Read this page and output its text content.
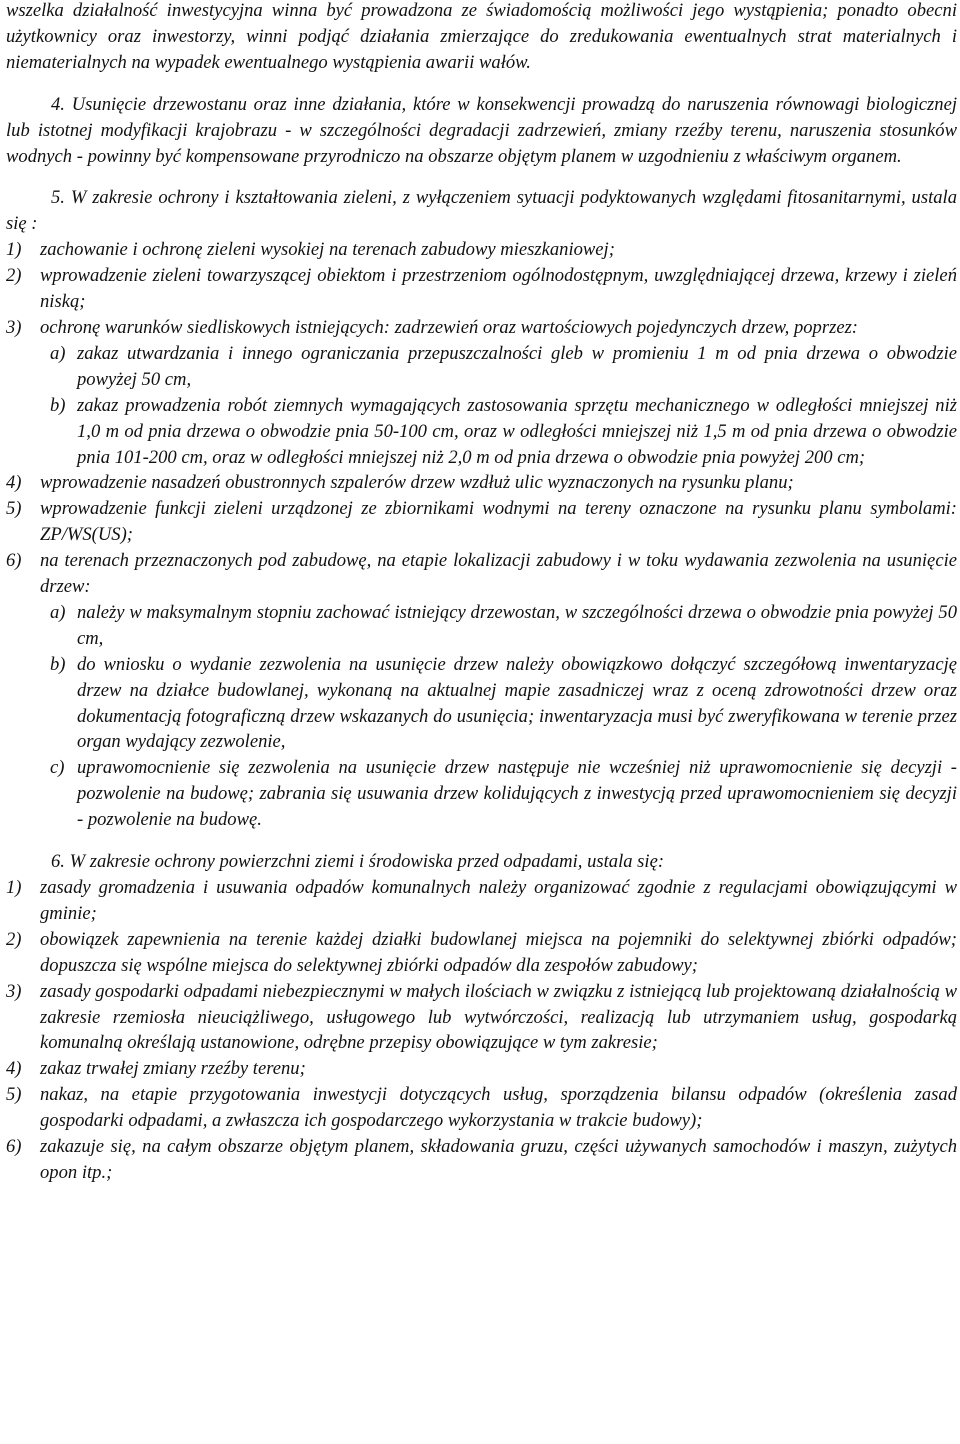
wszelka działalność inwestycyjna winna być prowadzona ze świadomością możliwości jego wystąpienia; ponadto obecni użytkownicy oraz inwestorzy, winni podjąć działania zmierzające do zredukowania ewentualnych strat materialnych i niematerialnych na wypadek ewentualnego wystąpienia awarii wałów.

4. Usunięcie drzewostanu oraz inne działania, które w konsekwencji prowadzą do naruszenia równowagi biologicznej lub istotnej modyfikacji krajobrazu - w szczególności degradacji zadrzewień, zmiany rzeźby terenu, naruszenia stosunków wodnych - powinny być kompensowane przyrodniczo na obszarze objętym planem w uzgodnieniu z właściwym organem.

5. W zakresie ochrony i kształtowania zieleni, z wyłączeniem sytuacji podyktowanych względami fitosanitarnymi, ustala się :

1) zachowanie i ochronę zieleni wysokiej na terenach zabudowy mieszkaniowej;
2) wprowadzenie zieleni towarzyszącej obiektom i przestrzeniom ogólnodostępnym, uwzględniającej drzewa, krzewy i zieleń niską;
3) ochronę warunków siedliskowych istniejących: zadrzewień oraz wartościowych pojedynczych drzew, poprzez:
a) zakaz utwardzania i innego ograniczania przepuszczalności gleb w promieniu 1 m od pnia drzewa o obwodzie powyżej 50 cm,
b) zakaz prowadzenia robót ziemnych wymagających zastosowania sprzętu mechanicznego w odległości mniejszej niż 1,0 m od pnia drzewa o obwodzie pnia 50-100 cm, oraz w odległości mniejszej niż 1,5 m od pnia drzewa o obwodzie pnia 101-200 cm, oraz w odległości mniejszej niż 2,0 m od pnia drzewa o obwodzie pnia powyżej 200 cm;
4) wprowadzenie nasadzeń obustronnych szpalerów drzew wzdłuż ulic wyznaczonych na rysunku planu;
5) wprowadzenie funkcji zieleni urządzonej ze zbiornikami wodnymi na tereny oznaczone na rysunku planu symbolami: ZP/WS(US);
6) na terenach przeznaczonych pod zabudowę, na etapie lokalizacji zabudowy i w toku wydawania zezwolenia na usunięcie drzew:
a) należy w maksymalnym stopniu zachować istniejący drzewostan, w szczególności drzewa o obwodzie pnia powyżej 50 cm,
b) do wniosku o wydanie zezwolenia na usunięcie drzew należy obowiązkowo dołączyć szczegółową inwentaryzację drzew na działce budowlanej, wykonaną na aktualnej mapie zasadniczej wraz z oceną zdrowotności drzew oraz dokumentacją fotograficzną drzew wskazanych do usunięcia; inwentaryzacja musi być zweryfikowana w terenie przez organ wydający zezwolenie,
c) uprawomocnienie się zezwolenia na usunięcie drzew następuje nie wcześniej niż uprawomocnienie się decyzji - pozwolenie na budowę; zabrania się usuwania drzew kolidujących z inwestycją przed uprawomocnieniem się decyzji - pozwolenie na budowę.

6. W zakresie ochrony powierzchni ziemi i środowiska przed odpadami, ustala się:

1) zasady gromadzenia i usuwania odpadów komunalnych należy organizować zgodnie z regulacjami obowiązującymi w gminie;
2) obowiązek zapewnienia na terenie każdej działki budowlanej miejsca na pojemniki do selektywnej zbiórki odpadów; dopuszcza się wspólne miejsca do selektywnej zbiórki odpadów dla zespołów zabudowy;
3) zasady gospodarki odpadami niebezpiecznymi w małych ilościach w związku z istniejącą lub projektowaną działalnością w zakresie rzemiosła nieuciążliwego, usługowego lub wytwórczości, realizacją lub utrzymaniem usług, gospodarką komunalną określają ustanowione, odrębne przepisy obowiązujące w tym zakresie;
4) zakaz trwałej zmiany rzeźby terenu;
5) nakaz, na etapie przygotowania inwestycji dotyczących usług, sporządzenia bilansu odpadów (określenia zasad gospodarki odpadami, a zwłaszcza ich gospodarczego wykorzystania w trakcie budowy);
6) zakazuje się, na całym obszarze objętym planem, składowania gruzu, części używanych samochodów i maszyn, zużytych opon itp.;
